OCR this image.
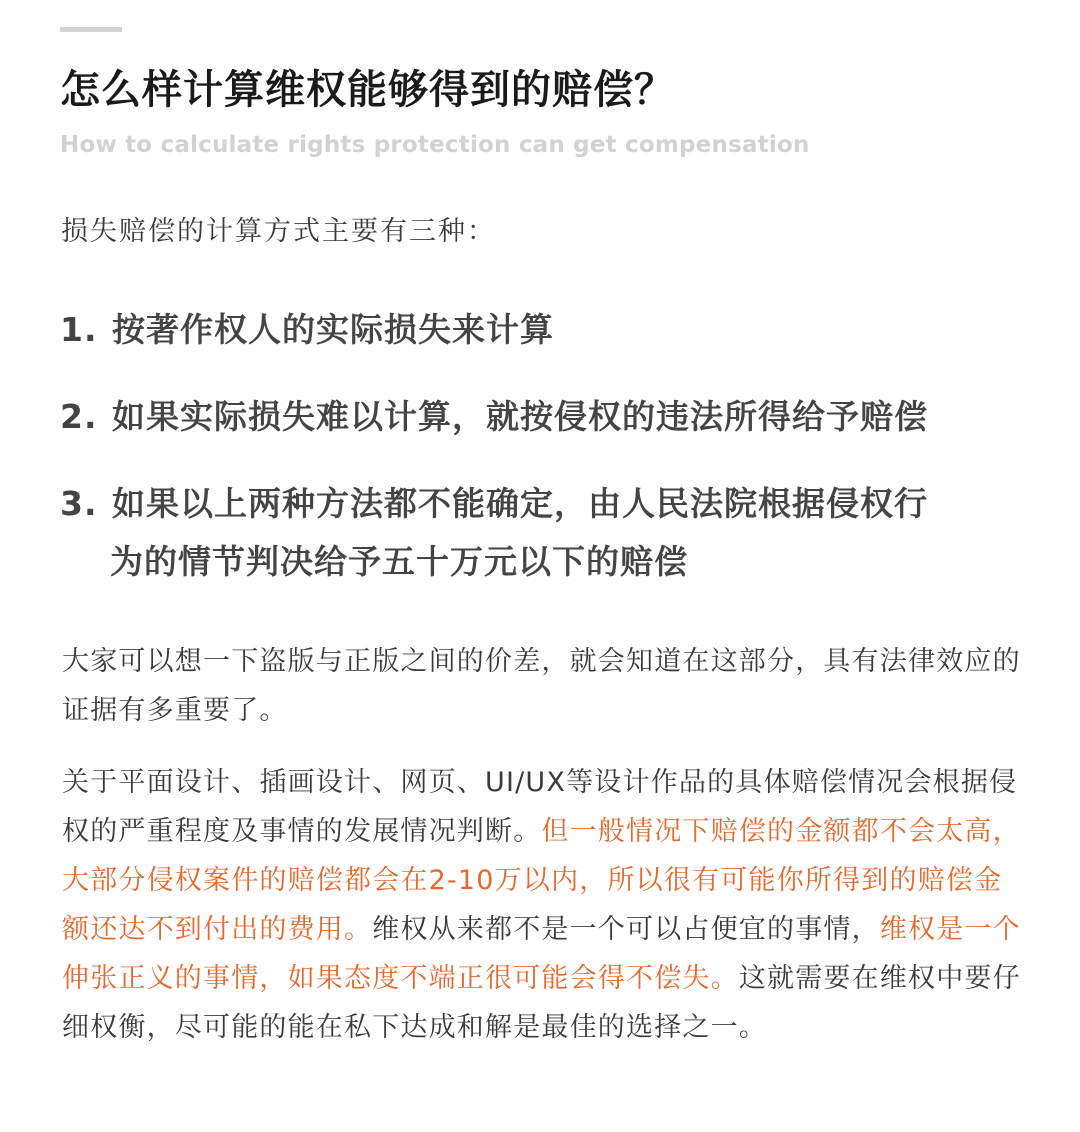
怎么样计算维权能够得到的赔偿？
How to calculate rights protection can get compensation
损失赔偿的计算方式主要有三种：
1. 按著作权人的实际损失来计算
2. 如果实际损失难以计算，就按侵权的违法所得给予赔偿
3. 如果以上两种方法都不能确定，由人民法院根据侵权行
为的情节判决给予五十万元以下的赔偿

大家可以想一下盗版与正版之间的价差，就会知道在这部分，具有法律效应的证据有多重要了。

关于平面设计、插画设计、网页、UI/UX等设计作品的具体赔偿情况会根据侵权的严重程度及事情的发展情况判断。但一般情况下赔偿的金额都不会太高，大部分侵权案件的赔偿都会在2-10万以内，所以很有可能你所得到的赔偿金额还达不到付出的费用。维权从来都不是一个可以占便宜的事情，维权是一个伸张正义的事情，如果态度不端正很可能会得不偿失。这就需要在维权中要仔细权衡，尽可能的能在私下达成和解是最佳的选择之一。
